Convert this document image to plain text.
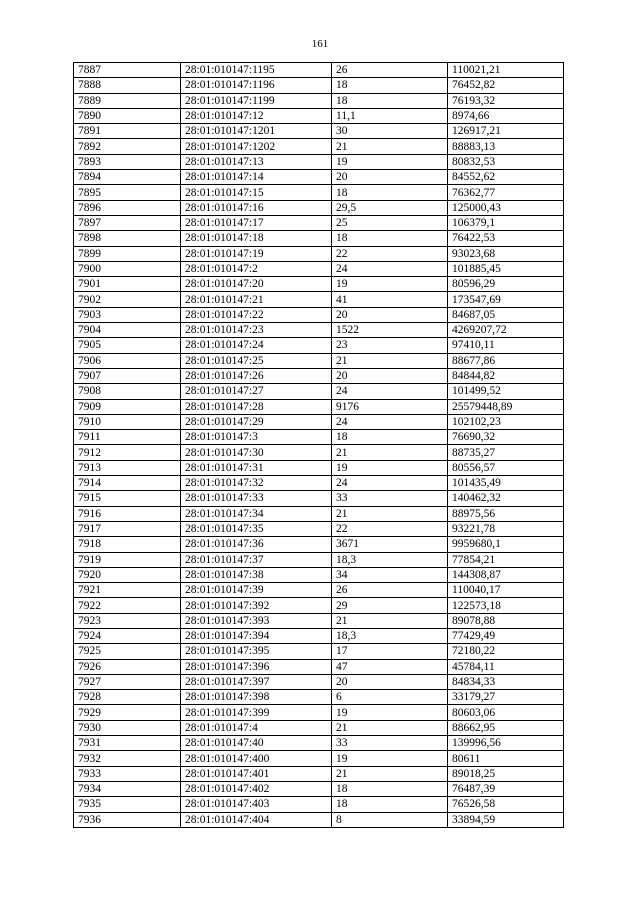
161
7887	28:01:010147:1195	26	110021,21
7888	28:01:010147:1196	18	76452,82
7889	28:01:010147:1199	18	76193,32
7890	28:01:010147:12	11,1	8974,66
7891	28:01:010147:1201	30	126917,21
7892	28:01:010147:1202	21	88883,13
7893	28:01:010147:13	19	80832,53
7894	28:01:010147:14	20	84552,62
7895	28:01:010147:15	18	76362,77
7896	28:01:010147:16	29,5	125000,43
7897	28:01:010147:17	25	106379,1
7898	28:01:010147:18	18	76422,53
7899	28:01:010147:19	22	93023,68
7900	28:01:010147:2	24	101885,45
7901	28:01:010147:20	19	80596,29
7902	28:01:010147:21	41	173547,69
7903	28:01:010147:22	20	84687,05
7904	28:01:010147:23	1522	4269207,72
7905	28:01:010147:24	23	97410,11
7906	28:01:010147:25	21	88677,86
7907	28:01:010147:26	20	84844,82
7908	28:01:010147:27	24	101499,52
7909	28:01:010147:28	9176	25579448,89
7910	28:01:010147:29	24	102102,23
7911	28:01:010147:3	18	76690,32
7912	28:01:010147:30	21	88735,27
7913	28:01:010147:31	19	80556,57
7914	28:01:010147:32	24	101435,49
7915	28:01:010147:33	33	140462,32
7916	28:01:010147:34	21	88975,56
7917	28:01:010147:35	22	93221,78
7918	28:01:010147:36	3671	9959680,1
7919	28:01:010147:37	18,3	77854,21
7920	28:01:010147:38	34	144308,87
7921	28:01:010147:39	26	110040,17
7922	28:01:010147:392	29	122573,18
7923	28:01:010147:393	21	89078,88
7924	28:01:010147:394	18,3	77429,49
7925	28:01:010147:395	17	72180,22
7926	28:01:010147:396	47	45784,11
7927	28:01:010147:397	20	84834,33
7928	28:01:010147:398	6	33179,27
7929	28:01:010147:399	19	80603,06
7930	28:01:010147:4	21	88662,95
7931	28:01:010147:40	33	139996,56
7932	28:01:010147:400	19	80611
7933	28:01:010147:401	21	89018,25
7934	28:01:010147:402	18	76487,39
7935	28:01:010147:403	18	76526,58
7936	28:01:010147:404	8	33894,59
